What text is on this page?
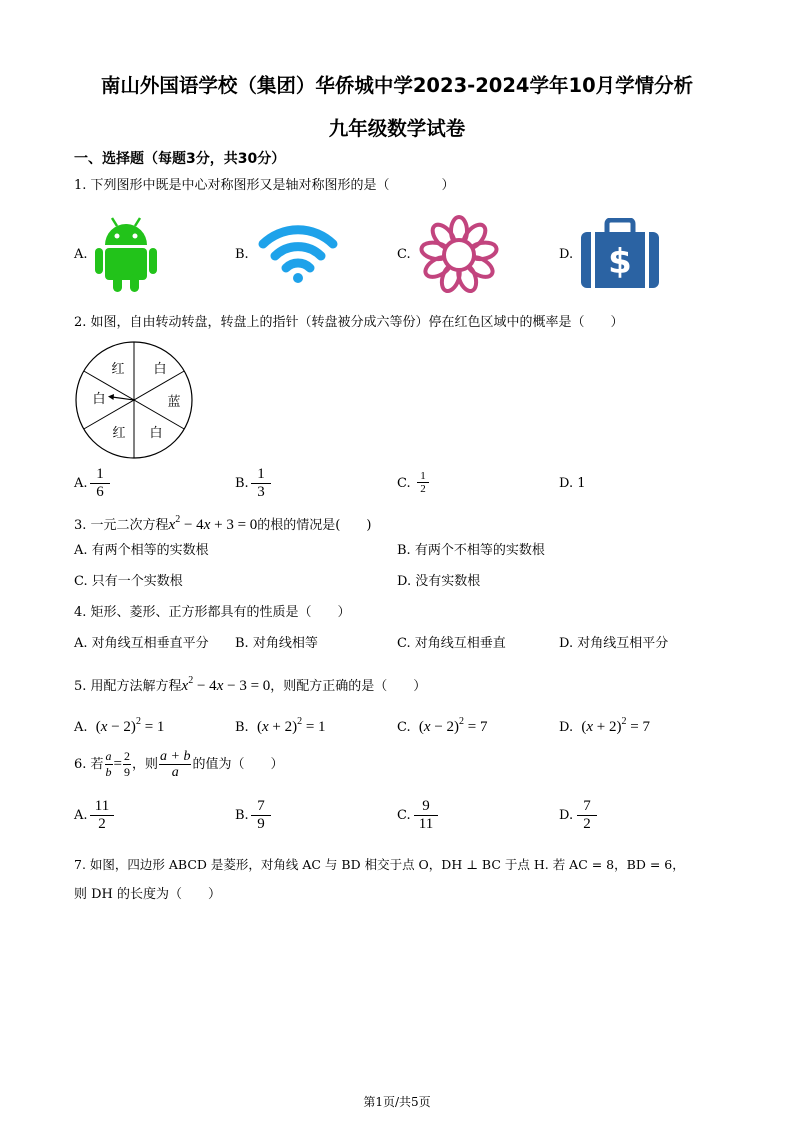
南山外国语学校（集团）华侨城中学2023-2024学年10月学情分析
九年级数学试卷
一、选择题（每题3分，共30分）
1. 下列图形中既是中心对称图形又是轴对称图形的是（　　　　）
A.	B.	C.	D. $
2. 如图，自由转动转盘，转盘上的指针（转盘被分成六等份）停在红色区域中的概率是（　　）
红 白
蓝
白
红
白
A. $\frac{1}{6}$	B. $\frac{1}{3}$	C. $\frac{1}{2}$	D. 1
3. 一元二次方程$x^2 - 4x + 3 = 0$的根的情况是(　　)
A. 有两个相等的实数根	B. 有两个不相等的实数根
C. 只有一个实数根	D. 没有实数根
4. 矩形、菱形、正方形都具有的性质是（　　）
A. 对角线互相垂直平分 B. 对角线相等	C. 对角线互相垂直	D. 对角线互相平分
5. 用配方法解方程$x^2 - 4x - 3 = 0$，则配方正确的是（　　）
A. $(x - 2)^2 = 1$	B. $(x + 2)^2 = 1$	C. $(x - 2)^2 = 7$	D. $(x + 2)^2 = 7$
6. 若 $\frac{a}{b} = \frac{2}{9}$ ，则 $\frac{a + b}{a}$ 的值为（　　）
A. $\frac{11}{2}$	B. $\frac{7}{9}$	C. $\frac{9}{11}$	D. $\frac{7}{2}$
7. 如图，四边形 ABCD 是菱形，对角线 AC 与 BD 相交于点 O，DH ⊥ BC 于点 H. 若 AC = 8，BD = 6，
则 DH 的长度为（　　）
第1页/共5页
